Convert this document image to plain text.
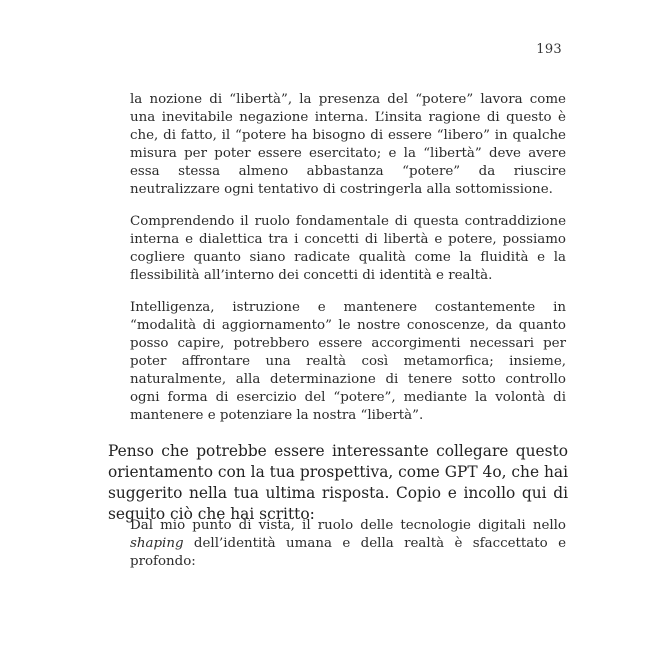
193

la nozione di “libertà”, la presenza del “potere” lavora come una inevitabile negazione interna. L’insita ragione di questo è che, di fatto, il “potere ha bisogno di essere “libero” in qualche misura per poter essere esercitato; e la “libertà” deve avere essa stessa almeno abbastanza “potere” da riuscire neutralizzare ogni tentativo di costringerla alla sottomissione.

Comprendendo il ruolo fondamentale di questa contraddizione interna e dialettica tra i concetti di libertà e potere, possiamo cogliere quanto siano radicate qualità come la fluidità e la flessibilità all’interno dei concetti di identità e realtà.

Intelligenza, istruzione e mantenere costantemente in “modalità di aggiornamento” le nostre conoscenze, da quanto posso capire, potrebbero essere accorgimenti necessari per poter affrontare una realtà così metamorfica; insieme, naturalmente, alla determinazione di tenere sotto controllo ogni forma di esercizio del “potere”, mediante la volontà di mantenere e potenziare la nostra “libertà”.

Penso che potrebbe essere interessante collegare questo orientamento con la tua prospettiva, come GPT 4o, che hai suggerito nella tua ultima risposta. Copio e incollo qui di seguito ciò che hai scritto:

Dal mio punto di vista, il ruolo delle tecnologie digitali nello shaping dell’identità umana e della realtà è sfaccettato e profondo:
